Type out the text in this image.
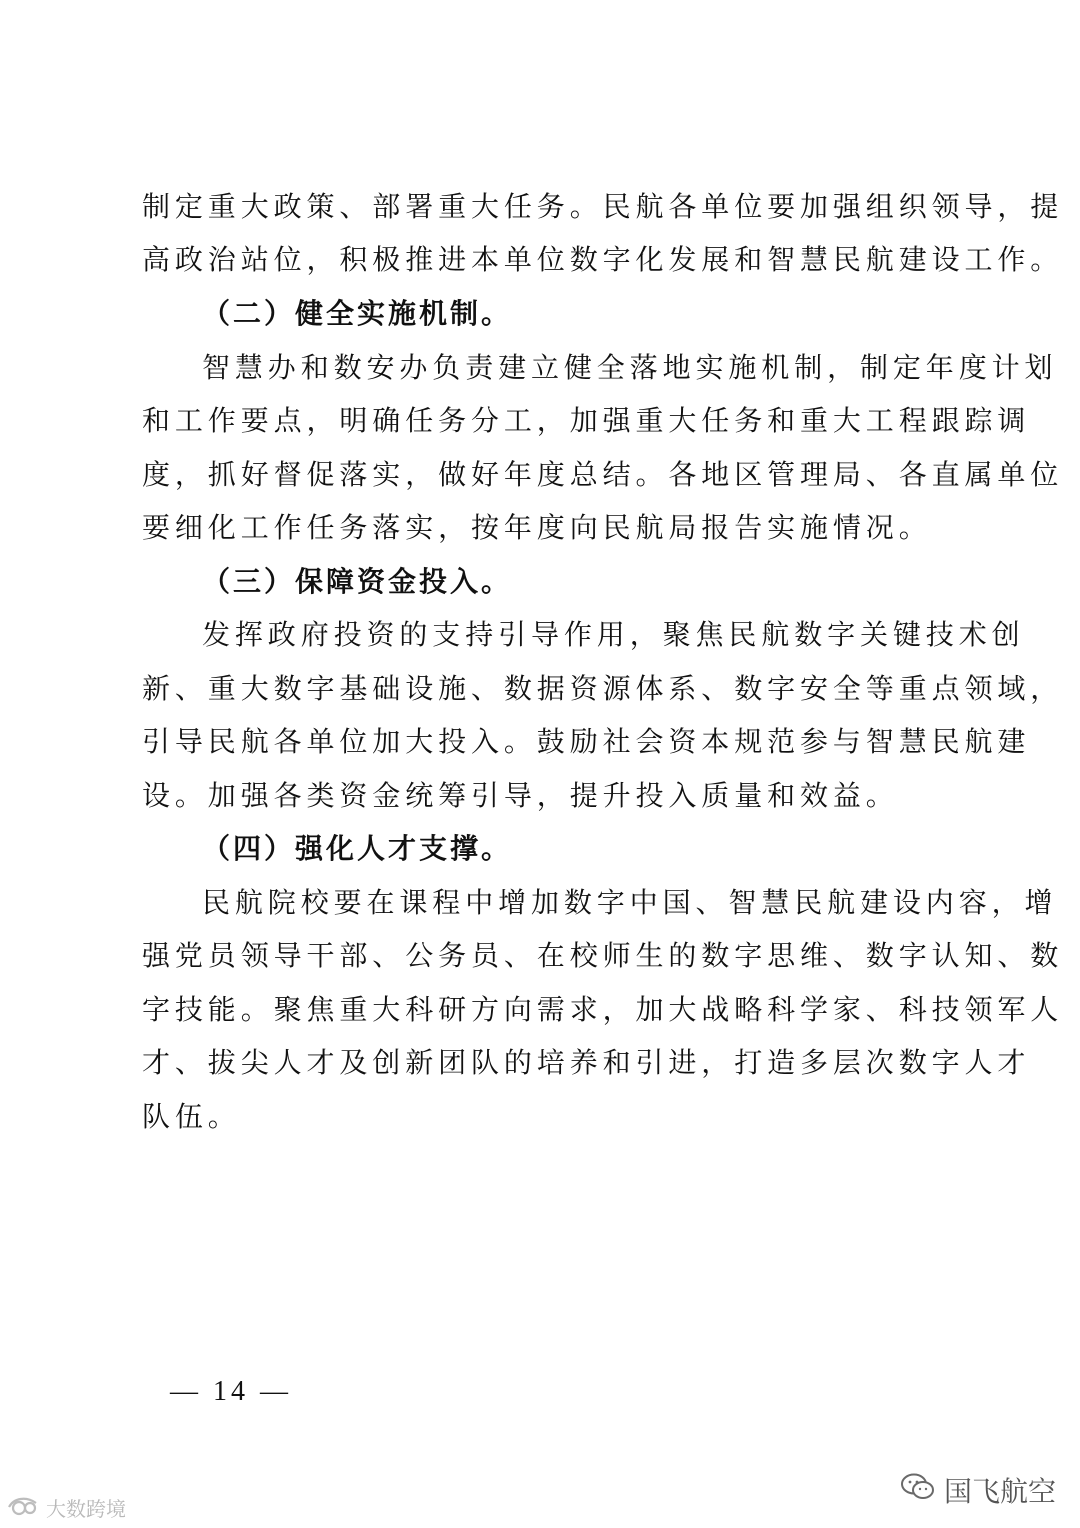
制定重大政策、部署重大任务。民航各单位要加强组织领导，提
高政治站位，积极推进本单位数字化发展和智慧民航建设工作。
（二）健全实施机制。
智慧办和数安办负责建立健全落地实施机制，制定年度计划
和工作要点，明确任务分工，加强重大任务和重大工程跟踪调
度，抓好督促落实，做好年度总结。各地区管理局、各直属单位
要细化工作任务落实，按年度向民航局报告实施情况。
（三）保障资金投入。
发挥政府投资的支持引导作用，聚焦民航数字关键技术创
新、重大数字基础设施、数据资源体系、数字安全等重点领域，
引导民航各单位加大投入。鼓励社会资本规范参与智慧民航建
设。加强各类资金统筹引导，提升投入质量和效益。
（四）强化人才支撑。
民航院校要在课程中增加数字中国、智慧民航建设内容，增
强党员领导干部、公务员、在校师生的数字思维、数字认知、数
字技能。聚焦重大科研方向需求，加大战略科学家、科技领军人
才、拔尖人才及创新团队的培养和引进，打造多层次数字人才
队伍。
— 14 —
大数跨境
国飞航空
